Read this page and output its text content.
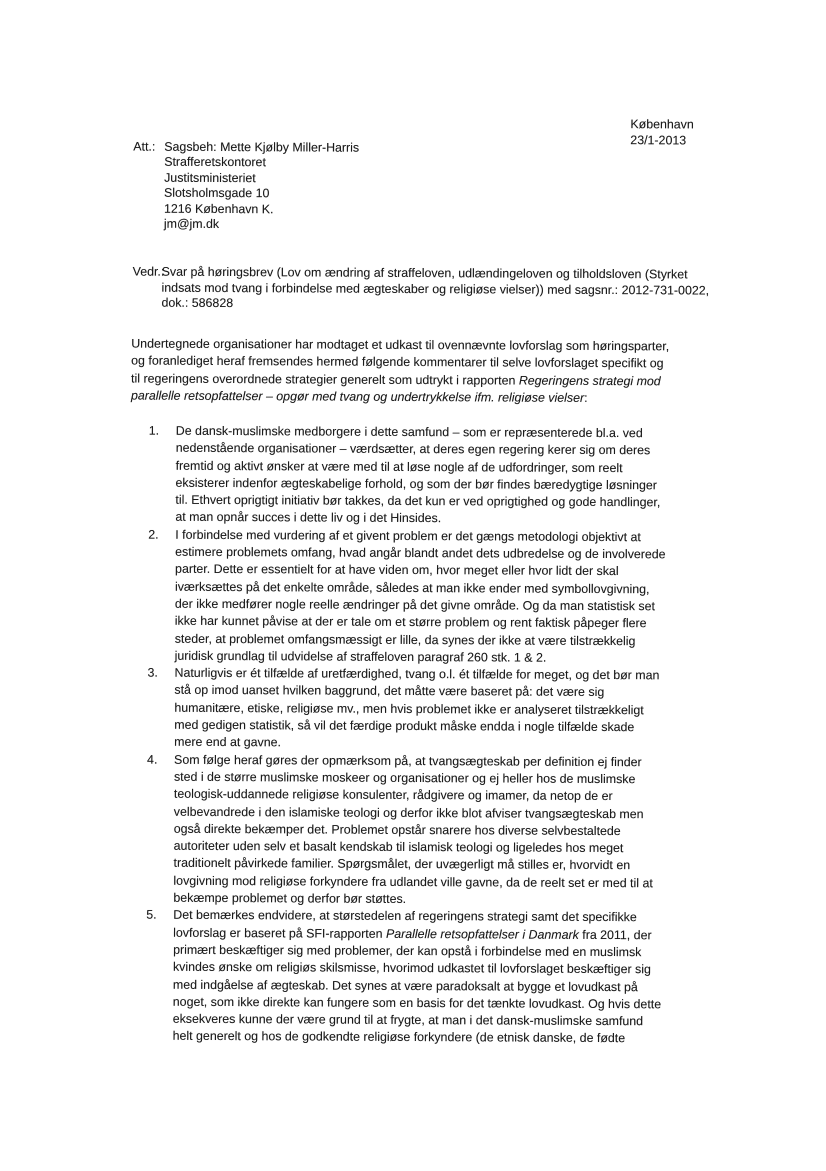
København
23/1-2013
Att.: Sagsbeh: Mette Kjølby Miller-Harris
Strafferetskontoret
Justitsministeriet
Slotsholmsgade 10
1216 København K.
jm@jm.dk
Vedr.:
Svar på høringsbrev (Lov om ændring af straffeloven, udlændingeloven og tilholdsloven (Styrket
indsats mod tvang i forbindelse med ægteskaber og religiøse vielser)) med sagsnr.: 2012-731-0022,
dok.: 586828
Undertegnede organisationer har modtaget et udkast til ovennævnte lovforslag som høringsparter,
og foranlediget heraf fremsendes hermed følgende kommentarer til selve lovforslaget specifikt og
til regeringens overordnede strategier generelt som udtrykt i rapporten Regeringens strategi mod
parallelle retsopfattelser – opgør med tvang og undertrykkelse ifm. religiøse vielser:
1.	De dansk-muslimske medborgere i dette samfund – som er repræsenterede bl.a. ved
nedenstående organisationer – værdsætter, at deres egen regering kerer sig om deres
fremtid og aktivt ønsker at være med til at løse nogle af de udfordringer, som reelt
eksisterer indenfor ægteskabelige forhold, og som der bør findes bæredygtige løsninger
til. Ethvert oprigtigt initiativ bør takkes, da det kun er ved oprigtighed og gode handlinger,
at man opnår succes i dette liv og i det Hinsides.
2.	I forbindelse med vurdering af et givent problem er det gængs metodologi objektivt at
estimere problemets omfang, hvad angår blandt andet dets udbredelse og de involverede
parter. Dette er essentielt for at have viden om, hvor meget eller hvor lidt der skal
iværksættes på det enkelte område, således at man ikke ender med symbollovgivning,
der ikke medfører nogle reelle ændringer på det givne område. Og da man statistisk set
ikke har kunnet påvise at der er tale om et større problem og rent faktisk påpeger flere
steder, at problemet omfangsmæssigt er lille, da synes der ikke at være tilstrækkelig
juridisk grundlag til udvidelse af straffeloven paragraf 260 stk. 1 & 2.
3.	Naturligvis er ét tilfælde af uretfærdighed, tvang o.l. ét tilfælde for meget, og det bør man
stå op imod uanset hvilken baggrund, det måtte være baseret på: det være sig
humanitære, etiske, religiøse mv., men hvis problemet ikke er analyseret tilstrækkeligt
med gedigen statistik, så vil det færdige produkt måske endda i nogle tilfælde skade
mere end at gavne.
4.	Som følge heraf gøres der opmærksom på, at tvangsægteskab per definition ej finder
sted i de større muslimske moskeer og organisationer og ej heller hos de muslimske
teologisk-uddannede religiøse konsulenter, rådgivere og imamer, da netop de er
velbevandrede i den islamiske teologi og derfor ikke blot afviser tvangsægteskab men
også direkte bekæmper det. Problemet opstår snarere hos diverse selvbestaltede
autoriteter uden selv et basalt kendskab til islamisk teologi og ligeledes hos meget
traditionelt påvirkede familier. Spørgsmålet, der uvægerligt må stilles er, hvorvidt en
lovgivning mod religiøse forkyndere fra udlandet ville gavne, da de reelt set er med til at
bekæmpe problemet og derfor bør støttes.
5.	Det bemærkes endvidere, at størstedelen af regeringens strategi samt det specifikke
lovforslag er baseret på SFI-rapporten Parallelle retsopfattelser i Danmark fra 2011, der
primært beskæftiger sig med problemer, der kan opstå i forbindelse med en muslimsk
kvindes ønske om religiøs skilsmisse, hvorimod udkastet til lovforslaget beskæftiger sig
med indgåelse af ægteskab. Det synes at være paradoksalt at bygge et lovudkast på
noget, som ikke direkte kan fungere som en basis for det tænkte lovudkast. Og hvis dette
eksekveres kunne der være grund til at frygte, at man i det dansk-muslimske samfund
helt generelt og hos de godkendte religiøse forkyndere (de etnisk danske, de fødte
